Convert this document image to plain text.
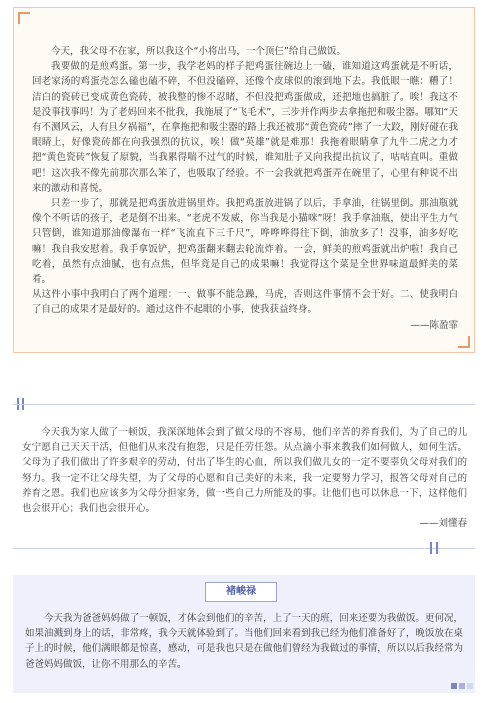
今天，我父母不在家，所以我这个“小将出马，一个顶仨”给自己做饭。

我要做的是煎鸡蛋。第一步，我学老妈的样子把鸡蛋往碗边上一磕，谁知道这鸡蛋就是不听话，回老家汤的鸡蛋壳怎么磕也磕不碎，不但没磕碎，还像个皮球似的滚到地下去。我低眼一瞧：糟了！洁白的瓷砖已变成黄色瓷砖，被我整的惨不忍睹，不但没把鸡蛋做成，还把地也搞脏了。唉！我这不是没事找事吗！为了老妈回来不批我，我施展了“飞毛术”，三步并作两步去拿拖把和吸尘器。哪知“天有不测风云，人有旦夕祸福”，在拿拖把和吸尘器的路上我还被那“黄色瓷砖”摔了一大跤，刚好碰在我眼睛上，好像瓷砖都在向我强烈的抗议，唉！做“英雄”就是难那！我拖着眼睛拿了九牛二虎之力才把“黄色瓷砖”恢复了原貌，当我累得喘不过气的时候，谁知肚子又向我提出抗议了，咕咕直叫。重做吧！这次我不像先前那次那么笨了，也吸取了经验。不一会我就把鸡蛋弄在碗里了，心里有种说不出来的激动和喜悦。

只差一步了，那就是把鸡蛋放进锅里炸。我把鸡蛋放进锅了以后，手拿油，往锅里倒。那油瓶就像个不听话的孩子，老是倒不出来。“老虎不发威，你当我是小猫咪”呀！我手拿油瓶，使出平生力气只管倒，谁知道那油像瀑布一样“飞流直下三千尺”，哗哗哗得往下倒，油放多了！没事，油多好吃嘛！我自我安慰着。我手拿饭铲，把鸡蛋翻来翻去轮流炸着。一会，鲜美的煎鸡蛋就出炉啦！我自己吃着，虽然有点油腻，也有点焦，但毕竟是自己的成果嘛！我觉得这个菜是全世界味道最鲜美的菜肴。

从这件小事中我明白了两个道理：一、做事不能急躁，马虎，否则这件事情不会干好。二、使我明白了自己的成果才是最好的。通过这件不起眼的小事，使我获益终身。

——陈盈霏

今天我为家人做了一顿饭，我深深地体会到了做父母的不容易，他们辛苦的养育我们，为了自己的儿女宁愿自己天天干活，但他们从来没有抱怨，只是任劳任怨。从点滴小事来教我们如何做人，如何生活。父母为了我们做出了许多艰辛的劳动，付出了毕生的心血，所以我们做儿女的一定不要辜负父母对我们的努力。我一定不让父母失望，为了父母的心愿和自己美好的未来，我一定要努力学习，报答父母对自己的养育之恩。我们也应该多为父母分担家务，做一些自己力所能及的事。让他们也可以休息一下，这样他们也会很开心；我们也会很开心。

——刘懂春

今天我为爸爸妈妈做了一顿饭，才体会到他们的辛苦，上了一天的班，回来还要为我做饭。更何况，如果油溅到身上的话，非常疼，我今天就体验到了。当他们回来看到我已经为他们准备好了，晚饭放在桌子上的时候，他们满眼都是惊喜，感动，可是我也只是在做他们曾经为我做过的事情，所以以后我经常为爸爸妈妈做饭，让你不用那么的辛苦。

褚峻禄
